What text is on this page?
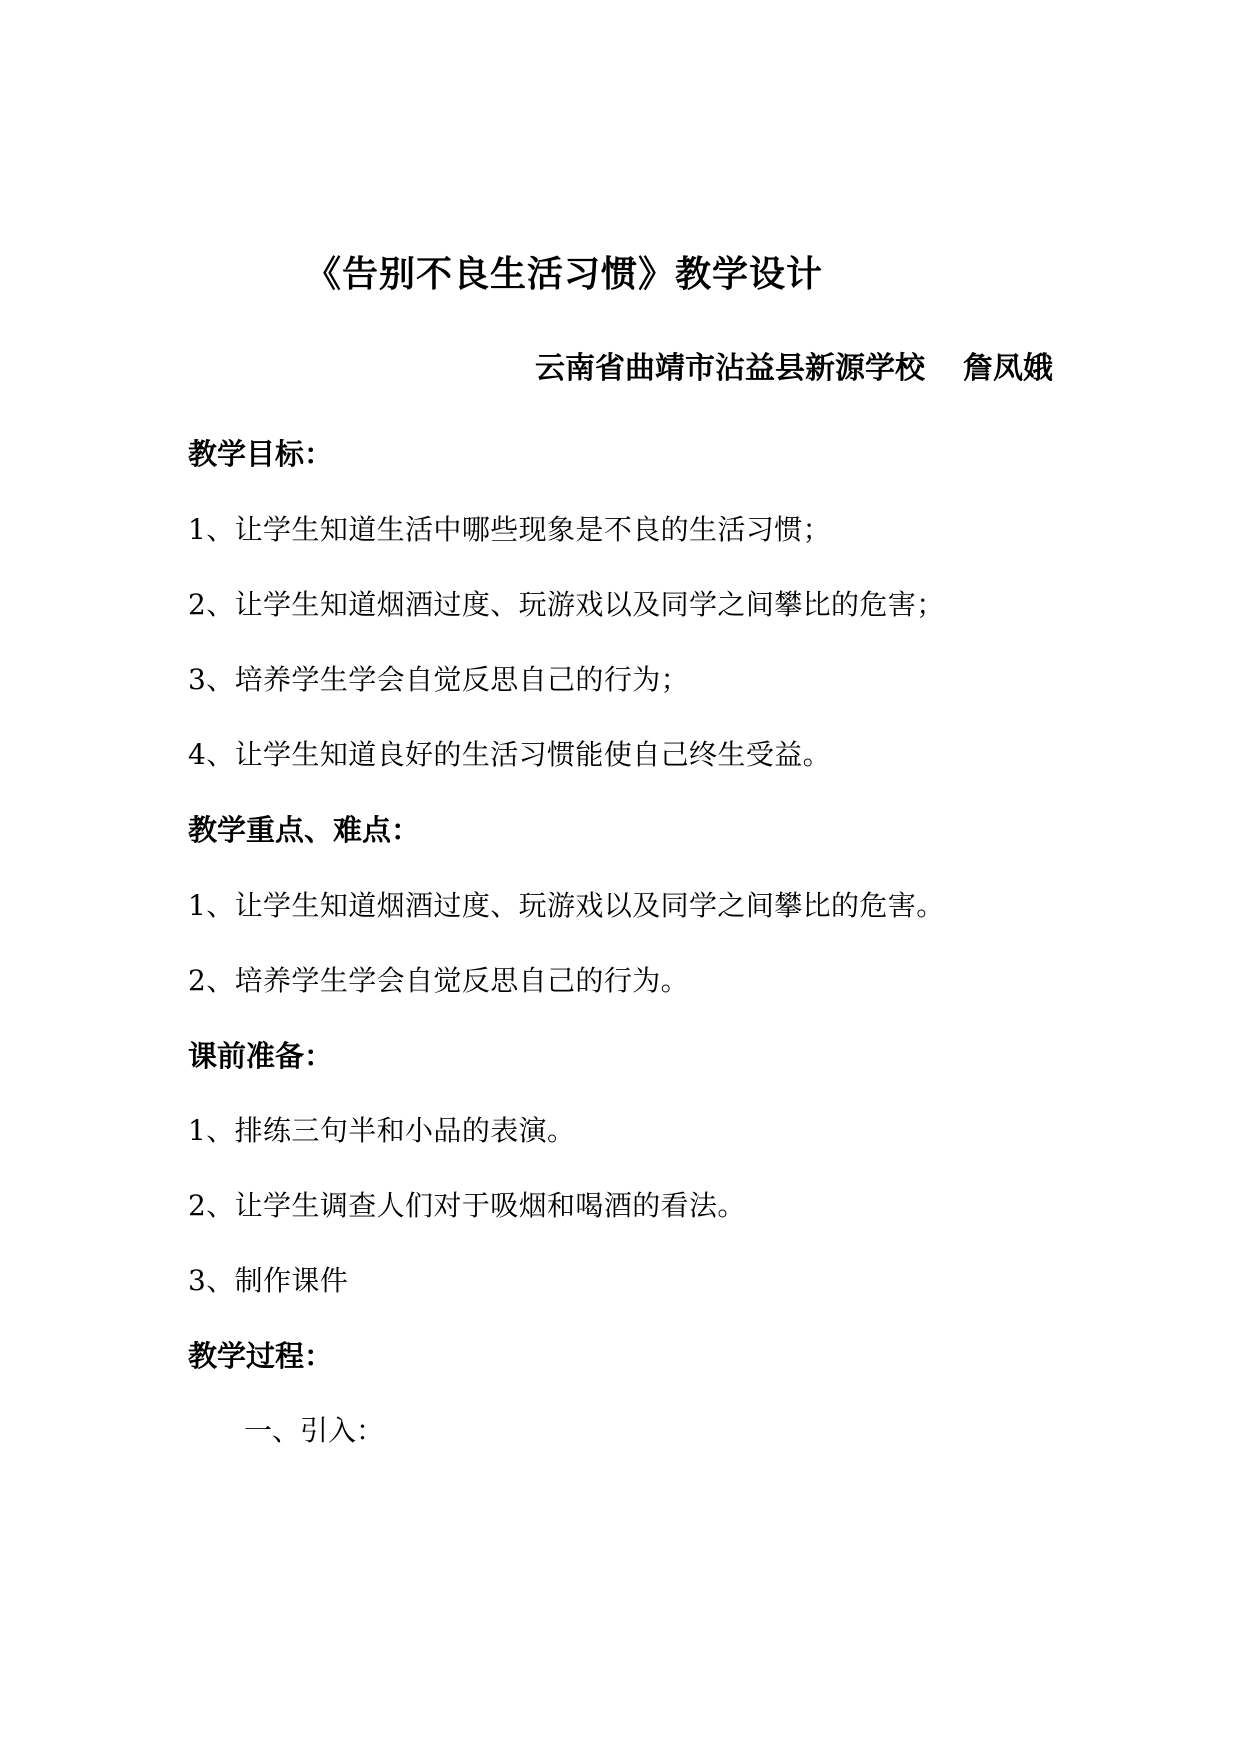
《告别不良生活习惯》教学设计
云南省曲靖市沾益县新源学校 詹凤娥
教学目标：
1、让学生知道生活中哪些现象是不良的生活习惯；
2、让学生知道烟酒过度、玩游戏以及同学之间攀比的危害；
3、培养学生学会自觉反思自己的行为；
4、让学生知道良好的生活习惯能使自己终生受益。
教学重点、难点：
1、让学生知道烟酒过度、玩游戏以及同学之间攀比的危害。
2、培养学生学会自觉反思自己的行为。
课前准备：
1、排练三句半和小品的表演。
2、让学生调查人们对于吸烟和喝酒的看法。
3、制作课件
教学过程：
一、引入：
